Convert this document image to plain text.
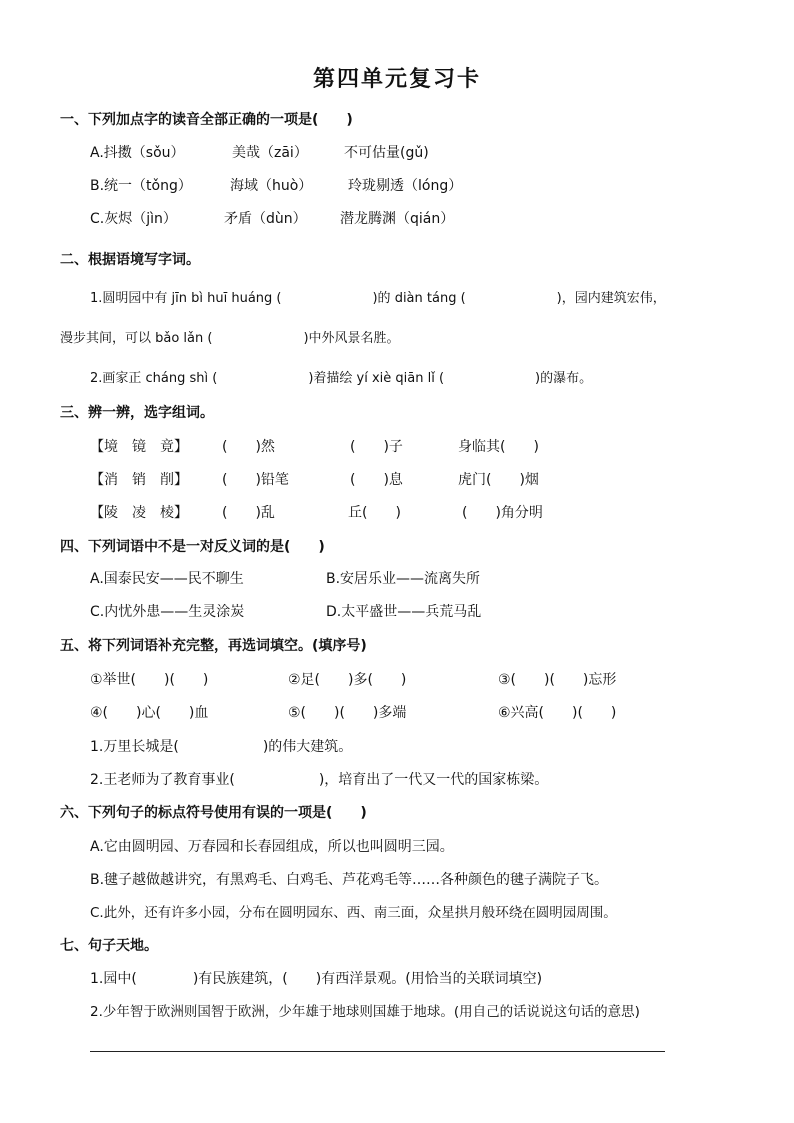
第四单元复习卡
一、下列加点字的读音全部正确的一项是(　　)
A.抖擞（sǒu）	美哉（zāi）	不可估量(gǔ)
B.统一（tǒng）	海域（huò）	玲珑剔透（lóng）
C.灰烬（jìn）	矛盾（dùn） 潜龙腾渊（qián）
二、根据语境写字词。
1.圆明园中有 jīn bì huī huáng (　　　　　　　)的 diàn táng (　　　　　　　)，园内建筑宏伟，
漫步其间，可以 bǎo lǎn (　　　　　　　)中外风景名胜。
2.画家正 cháng shì (　　　　　　　)着描绘 yí xiè qiān lǐ (　　　　　　　)的瀑布。
三、辨一辨，选字组词。
【境　镜　竟】 (　　)然	(　　)子	身临其(　　)
【消　销　削】 (　　)铅笔	(　　)息	虎门(　　)烟
【陵　凌　棱】 (　　)乱	丘(　　)	(　　)角分明
四、下列词语中不是一对反义词的是(　　)
A.国泰民安——民不聊生	B.安居乐业——流离失所
C.内忧外患——生灵涂炭	D.太平盛世——兵荒马乱
五、将下列词语补充完整，再选词填空。(填序号)
①举世(　　)(　　)	②足(　　)多(　　)	③(　　)(　　)忘形
④(　　)心(　　)血	⑤(　　)(　　)多端	⑥兴高(　　)(　　)
1.万里长城是(　　　　　　)的伟大建筑。
2.王老师为了教育事业(　　　　　　)，培育出了一代又一代的国家栋梁。
六、下列句子的标点符号使用有误的一项是(　　)
A.它由圆明园、万春园和长春园组成，所以也叫圆明三园。
B.毽子越做越讲究，有黑鸡毛、白鸡毛、芦花鸡毛等……各种颜色的毽子满院子飞。
C.此外，还有许多小园，分布在圆明园东、西、南三面，众星拱月般环绕在圆明园周围。
七、句子天地。
1.园中(　　　　)有民族建筑，(　　)有西洋景观。(用恰当的关联词填空)
2.少年智于欧洲则国智于欧洲，少年雄于地球则国雄于地球。(用自己的话说说这句话的意思)
